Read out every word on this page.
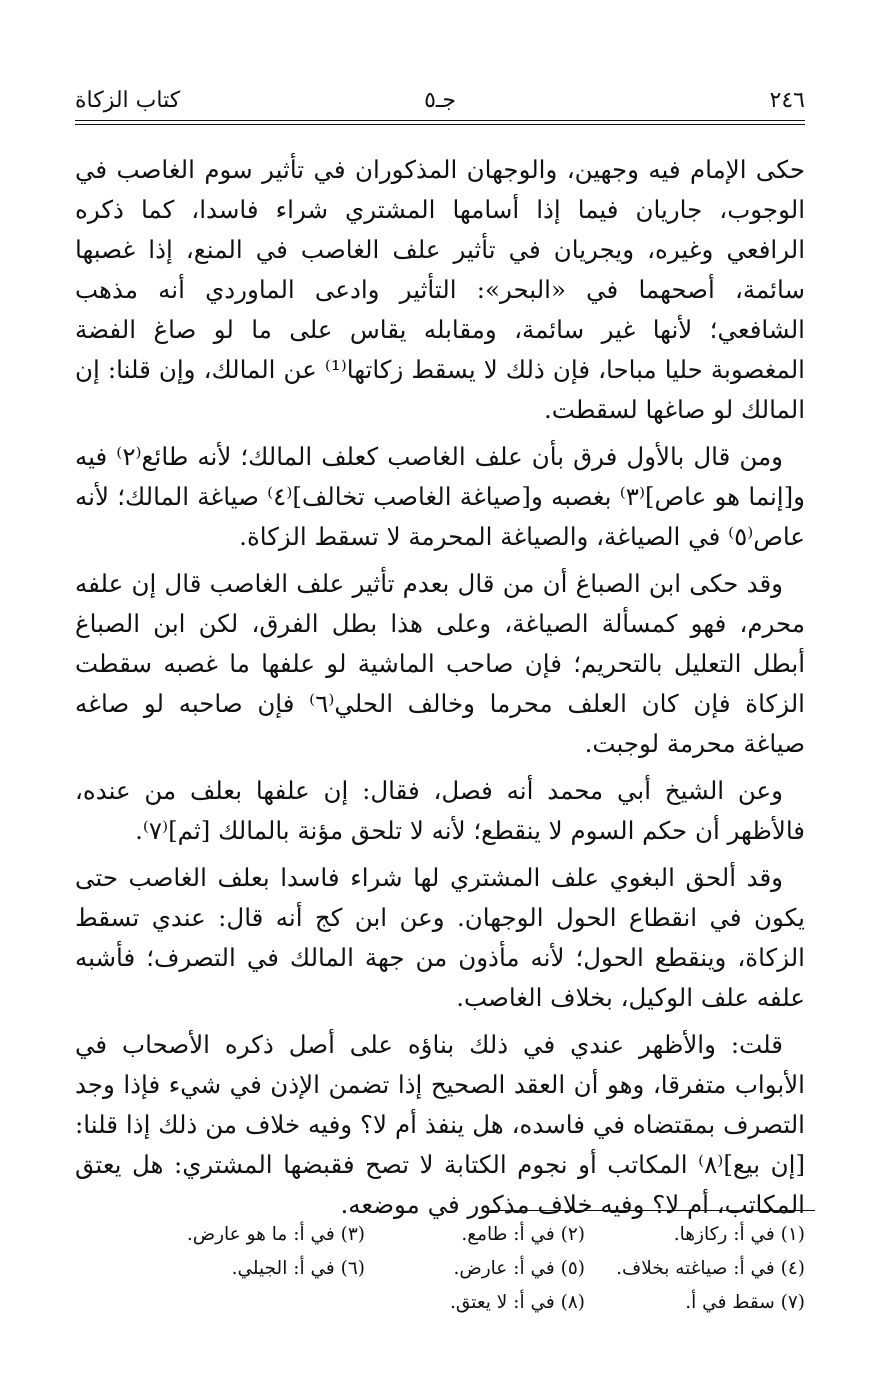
٢٤٦
جـ٥
كتاب الزكاة

حكى الإمام فيه وجهين، والوجهان المذكوران في تأثير سوم الغاصب في الوجوب، جاريان فيما إذا أسامها المشتري شراء فاسدا، كما ذكره الرافعي وغيره، ويجريان في تأثير علف الغاصب في المنع، إذا غصبها سائمة، أصحهما في «البحر»: التأثير وادعى الماوردي أنه مذهب الشافعي؛ لأنها غير سائمة، ومقابله يقاس على ما لو صاغ الفضة المغصوبة حليا مباحا، فإن ذلك لا يسقط زكاتها⁽¹⁾ عن المالك، وإن قلنا: إن المالك لو صاغها لسقطت.

ومن قال بالأول فرق بأن علف الغاصب كعلف المالك؛ لأنه طائع⁽٢⁾ فيه و[إنما هو عاص]⁽٣⁾ بغصبه و[صياغة الغاصب تخالف]⁽٤⁾ صياغة المالك؛ لأنه عاص⁽٥⁾ في الصياغة، والصياغة المحرمة لا تسقط الزكاة.

وقد حكى ابن الصباغ أن من قال بعدم تأثير علف الغاصب قال إن علفه محرم، فهو كمسألة الصياغة، وعلى هذا بطل الفرق، لكن ابن الصباغ أبطل التعليل بالتحريم؛ فإن صاحب الماشية لو علفها ما غصبه سقطت الزكاة فإن كان العلف محرما وخالف الحلي⁽٦⁾ فإن صاحبه لو صاغه صياغة محرمة لوجبت.

وعن الشيخ أبي محمد أنه فصل، فقال: إن علفها بعلف من عنده، فالأظهر أن حكم السوم لا ينقطع؛ لأنه لا تلحق مؤنة بالمالك [ثم]⁽٧⁾.

وقد ألحق البغوي علف المشتري لها شراء فاسدا بعلف الغاصب حتى يكون في انقطاع الحول الوجهان. وعن ابن كج أنه قال: عندي تسقط الزكاة، وينقطع الحول؛ لأنه مأذون من جهة المالك في التصرف؛ فأشبه علفه علف الوكيل، بخلاف الغاصب.

قلت: والأظهر عندي في ذلك بناؤه على أصل ذكره الأصحاب في الأبواب متفرقا، وهو أن العقد الصحيح إذا تضمن الإذن في شيء فإذا وجد التصرف بمقتضاه في فاسده، هل ينفذ أم لا؟ وفيه خلاف من ذلك إذا قلنا: [إن بيع]⁽٨⁾ المكاتب أو نجوم الكتابة لا تصح فقبضها المشتري: هل يعتق المكاتب، أم لا؟ وفيه خلاف مذكور في موضعه.

(١) في أ: ركازها.
(٢) في أ: طامع.
(٣) في أ: ما هو عارض.
(٤) في أ: صياغته بخلاف.
(٥) في أ: عارض.
(٦) في أ: الجيلي.
(٧) سقط في أ.
(٨) في أ: لا يعتق.
